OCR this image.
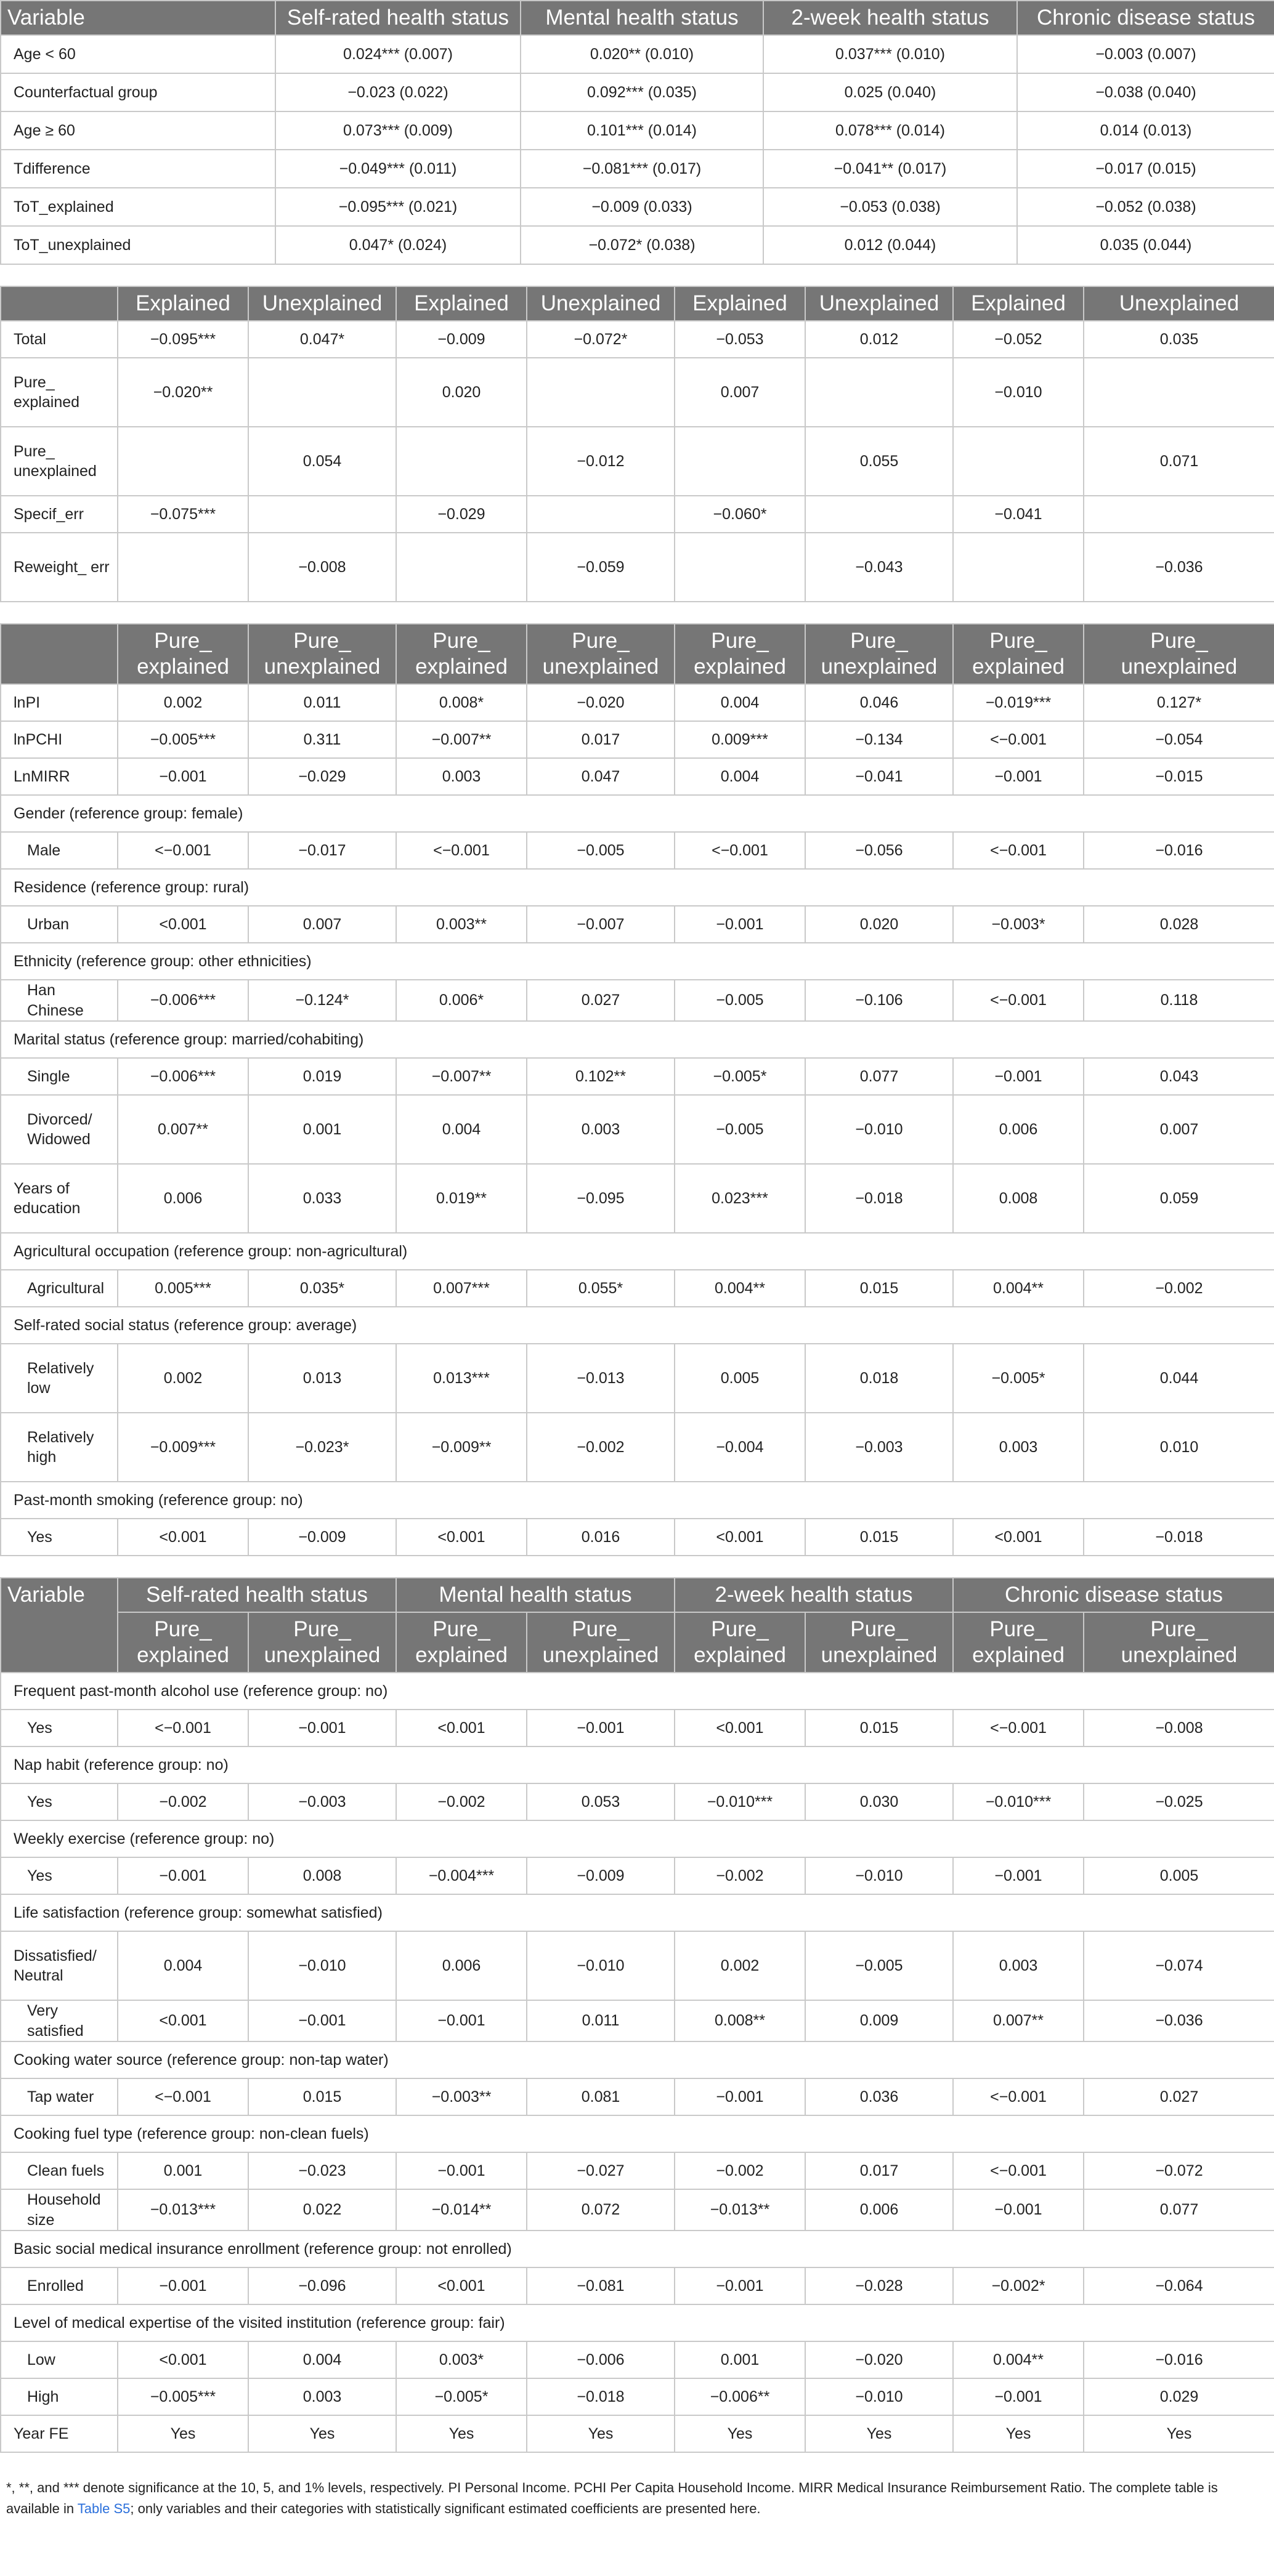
Variable	Self-rated health status	Mental health status	2-week health status	Chronic disease status
Age < 60	0.024*** (0.007)	0.020** (0.010)	0.037*** (0.010)	−0.003 (0.007)
Counterfactual group	−0.023 (0.022)	0.092*** (0.035)	0.025 (0.040)	−0.038 (0.040)
Age ≥ 60	0.073*** (0.009)	0.101*** (0.014)	0.078*** (0.014)	0.014 (0.013)
Tdifference	−0.049*** (0.011)	−0.081*** (0.017)	−0.041** (0.017)	−0.017 (0.015)
ToT_explained	−0.095*** (0.021)	−0.009 (0.033)	−0.053 (0.038)	−0.052 (0.038)
ToT_unexplained	0.047* (0.024)	−0.072* (0.038)	0.012 (0.044)	0.035 (0.044)
	Explained	Unexplained	Explained	Unexplained	Explained	Unexplained	Explained	Unexplained
Total	−0.095***	0.047*	−0.009	−0.072*	−0.053	0.012	−0.052	0.035
Pure_ explained	−0.020**		0.020		0.007		−0.010	
Pure_ unexplained		0.054		−0.012		0.055		0.071
Specif_err	−0.075***		−0.029		−0.060*		−0.041	
Reweight_ err		−0.008		−0.059		−0.043		−0.036
	Pure_ explained	Pure_ unexplained	Pure_ explained	Pure_ unexplained	Pure_ explained	Pure_ unexplained	Pure_ explained	Pure_ unexplained
lnPI	0.002	0.011	0.008*	−0.020	0.004	0.046	−0.019***	0.127*
lnPCHI	−0.005***	0.311	−0.007**	0.017	0.009***	−0.134	<−0.001	−0.054
LnMIRR	−0.001	−0.029	0.003	0.047	0.004	−0.041	−0.001	−0.015
Gender (reference group: female)								
Male	<−0.001	−0.017	<−0.001	−0.005	<−0.001	−0.056	<−0.001	−0.016
Residence (reference group: rural)								
Urban	<0.001	0.007	0.003**	−0.007	−0.001	0.020	−0.003*	0.028
Ethnicity (reference group: other ethnicities)								
Han Chinese	−0.006***	−0.124*	0.006*	0.027	−0.005	−0.106	<−0.001	0.118
Marital status (reference group: married/cohabiting)								
Single	−0.006***	0.019	−0.007**	0.102**	−0.005*	0.077	−0.001	0.043
Divorced/ Widowed	0.007**	0.001	0.004	0.003	−0.005	−0.010	0.006	0.007
Years of education	0.006	0.033	0.019**	−0.095	0.023***	−0.018	0.008	0.059
Agricultural occupation (reference group: non-agricultural)								
Agricultural	0.005***	0.035*	0.007***	0.055*	0.004**	0.015	0.004**	−0.002
Self-rated social status (reference group: average)								
Relatively low	0.002	0.013	0.013***	−0.013	0.005	0.018	−0.005*	0.044
Relatively high	−0.009***	−0.023*	−0.009**	−0.002	−0.004	−0.003	0.003	0.010
Past-month smoking (reference group: no)								
Yes	<0.001	−0.009	<0.001	0.016	<0.001	0.015	<0.001	−0.018
Variable	Self-rated health status		Mental health status		2-week health status		Chronic disease status	
	Pure_ explained	Pure_ unexplained	Pure_ explained	Pure_ unexplained	Pure_ explained	Pure_ unexplained	Pure_ explained	Pure_ unexplained
Frequent past-month alcohol use (reference group: no)								
Yes	<−0.001	−0.001	<0.001	−0.001	<0.001	0.015	<−0.001	−0.008
Nap habit (reference group: no)								
Yes	−0.002	−0.003	−0.002	0.053	−0.010***	0.030	−0.010***	−0.025
Weekly exercise (reference group: no)								
Yes	−0.001	0.008	−0.004***	−0.009	−0.002	−0.010	−0.001	0.005
Life satisfaction (reference group: somewhat satisfied)								
Dissatisfied/ Neutral	0.004	−0.010	0.006	−0.010	0.002	−0.005	0.003	−0.074
Very satisfied	<0.001	−0.001	−0.001	0.011	0.008**	0.009	0.007**	−0.036
Cooking water source (reference group: non-tap water)								
Tap water	<−0.001	0.015	−0.003**	0.081	−0.001	0.036	<−0.001	0.027
Cooking fuel type (reference group: non-clean fuels)								
Clean fuels	0.001	−0.023	−0.001	−0.027	−0.002	0.017	<−0.001	−0.072
Household size	−0.013***	0.022	−0.014**	0.072	−0.013**	0.006	−0.001	0.077
Basic social medical insurance enrollment (reference group: not enrolled)								
Enrolled	−0.001	−0.096	<0.001	−0.081	−0.001	−0.028	−0.002*	−0.064
Level of medical expertise of the visited institution (reference group: fair)								
Low	<0.001	0.004	0.003*	−0.006	0.001	−0.020	0.004**	−0.016
High	−0.005***	0.003	−0.005*	−0.018	−0.006**	−0.010	−0.001	0.029
Year FE	Yes	Yes	Yes	Yes	Yes	Yes	Yes	Yes
*, **, and *** denote significance at the 10, 5, and 1% levels, respectively. PI Personal Income. PCHI Per Capita Household Income. MIRR Medical Insurance Reimbursement Ratio. The complete table is available in Table S5; only variables and their categories with statistically significant estimated coefficients are presented here.
